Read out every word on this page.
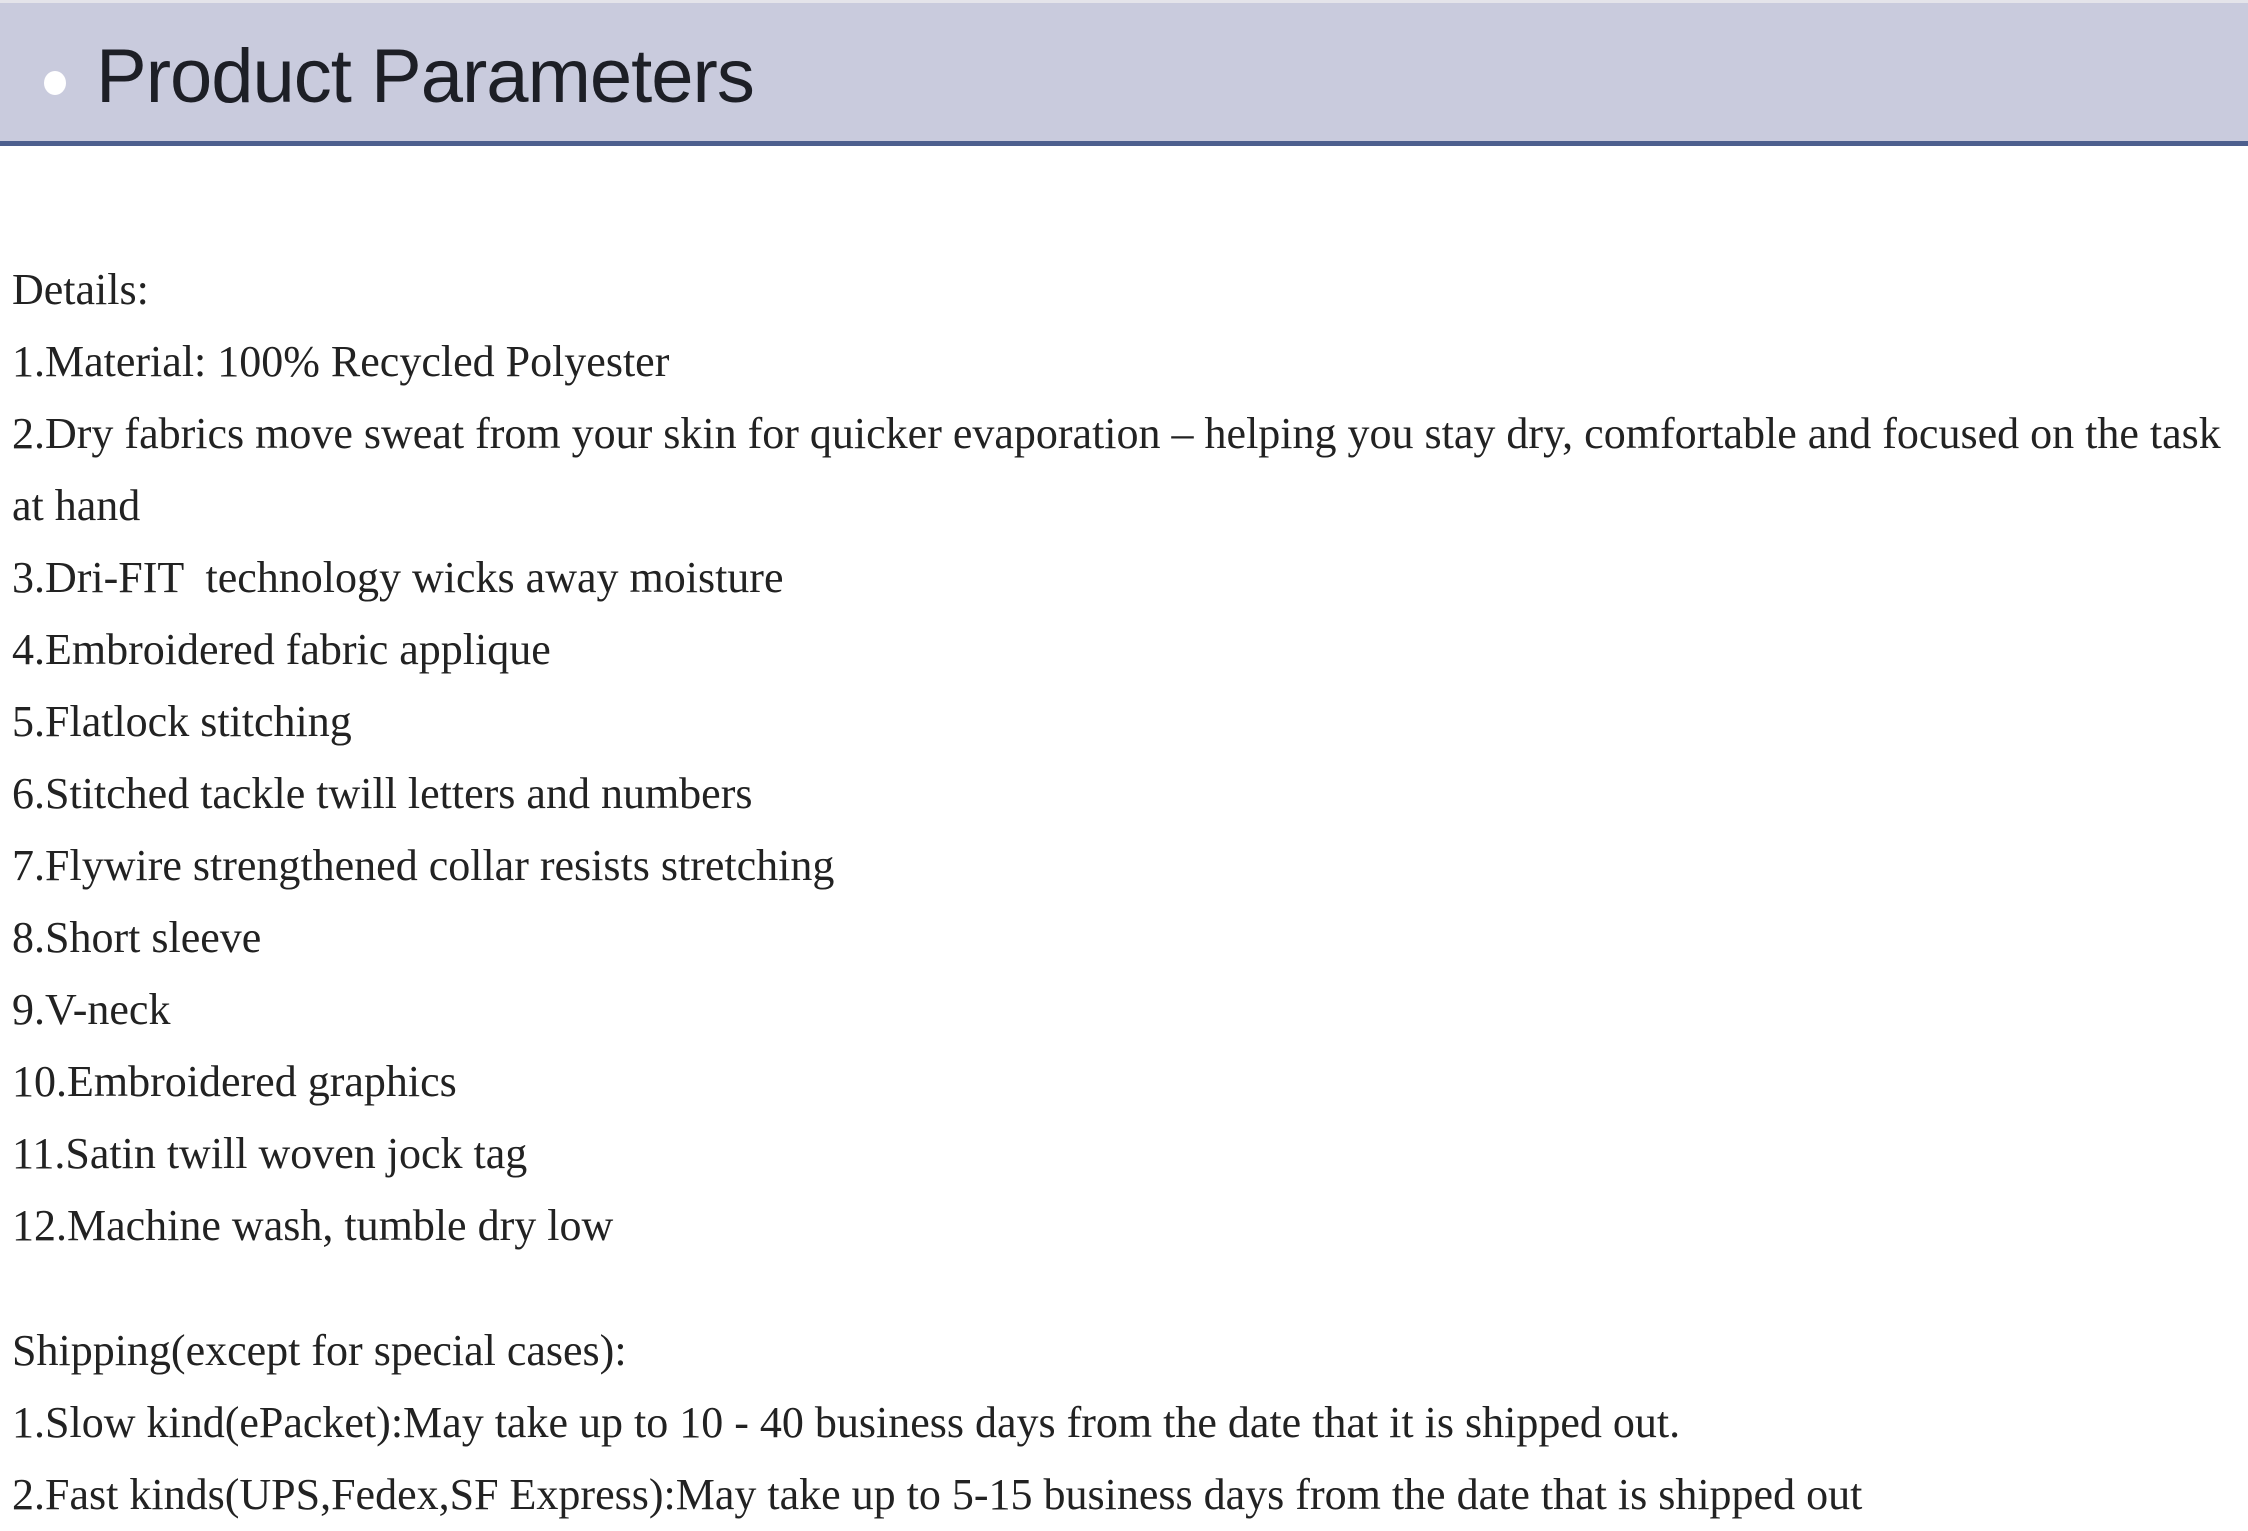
Product Parameters
Details:
1.Material: 100% Recycled Polyester
2.Dry fabrics move sweat from your skin for quicker evaporation – helping you stay dry, comfortable and focused on the task at hand
3.Dri-FIT  technology wicks away moisture
4.Embroidered fabric applique
5.Flatlock stitching
6.Stitched tackle twill letters and numbers
7.Flywire strengthened collar resists stretching
8.Short sleeve
9.V-neck
10.Embroidered graphics
11.Satin twill woven jock tag
12.Machine wash, tumble dry low
Shipping(except for special cases):
1.Slow kind(ePacket):May take up to 10 - 40 business days from the date that it is shipped out.
2.Fast kinds(UPS,Fedex,SF Express):May take up to 5-15 business days from the date that is shipped out
